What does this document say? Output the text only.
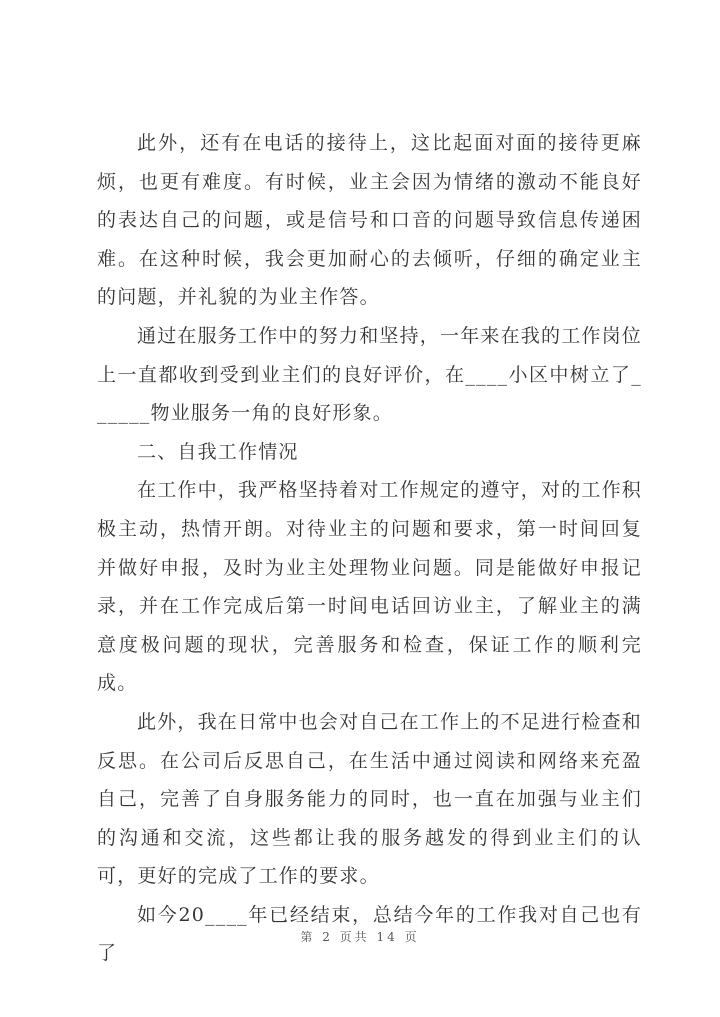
此外，还有在电话的接待上，这比起面对面的接待更麻烦，也更有难度。有时候，业主会因为情绪的激动不能良好的表达自己的问题，或是信号和口音的问题导致信息传递困难。在这种时候，我会更加耐心的去倾听，仔细的确定业主的问题，并礼貌的为业主作答。

通过在服务工作中的努力和坚持，一年来在我的工作岗位上一直都收到受到业主们的良好评价，在____小区中树立了______物业服务一角的良好形象。

二、自我工作情况

在工作中，我严格坚持着对工作规定的遵守，对的工作积极主动，热情开朗。对待业主的问题和要求，第一时间回复并做好申报，及时为业主处理物业问题。同是能做好申报记录，并在工作完成后第一时间电话回访业主，了解业主的满意度极问题的现状，完善服务和检查，保证工作的顺利完成。

此外，我在日常中也会对自己在工作上的不足进行检查和反思。在公司后反思自己，在生活中通过阅读和网络来充盈自己，完善了自身服务能力的同时，也一直在加强与业主们的沟通和交流，这些都让我的服务越发的得到业主们的认可，更好的完成了工作的要求。

如今20____年已经结束，总结今年的工作我对自己也有了

第 2 页共 14 页
